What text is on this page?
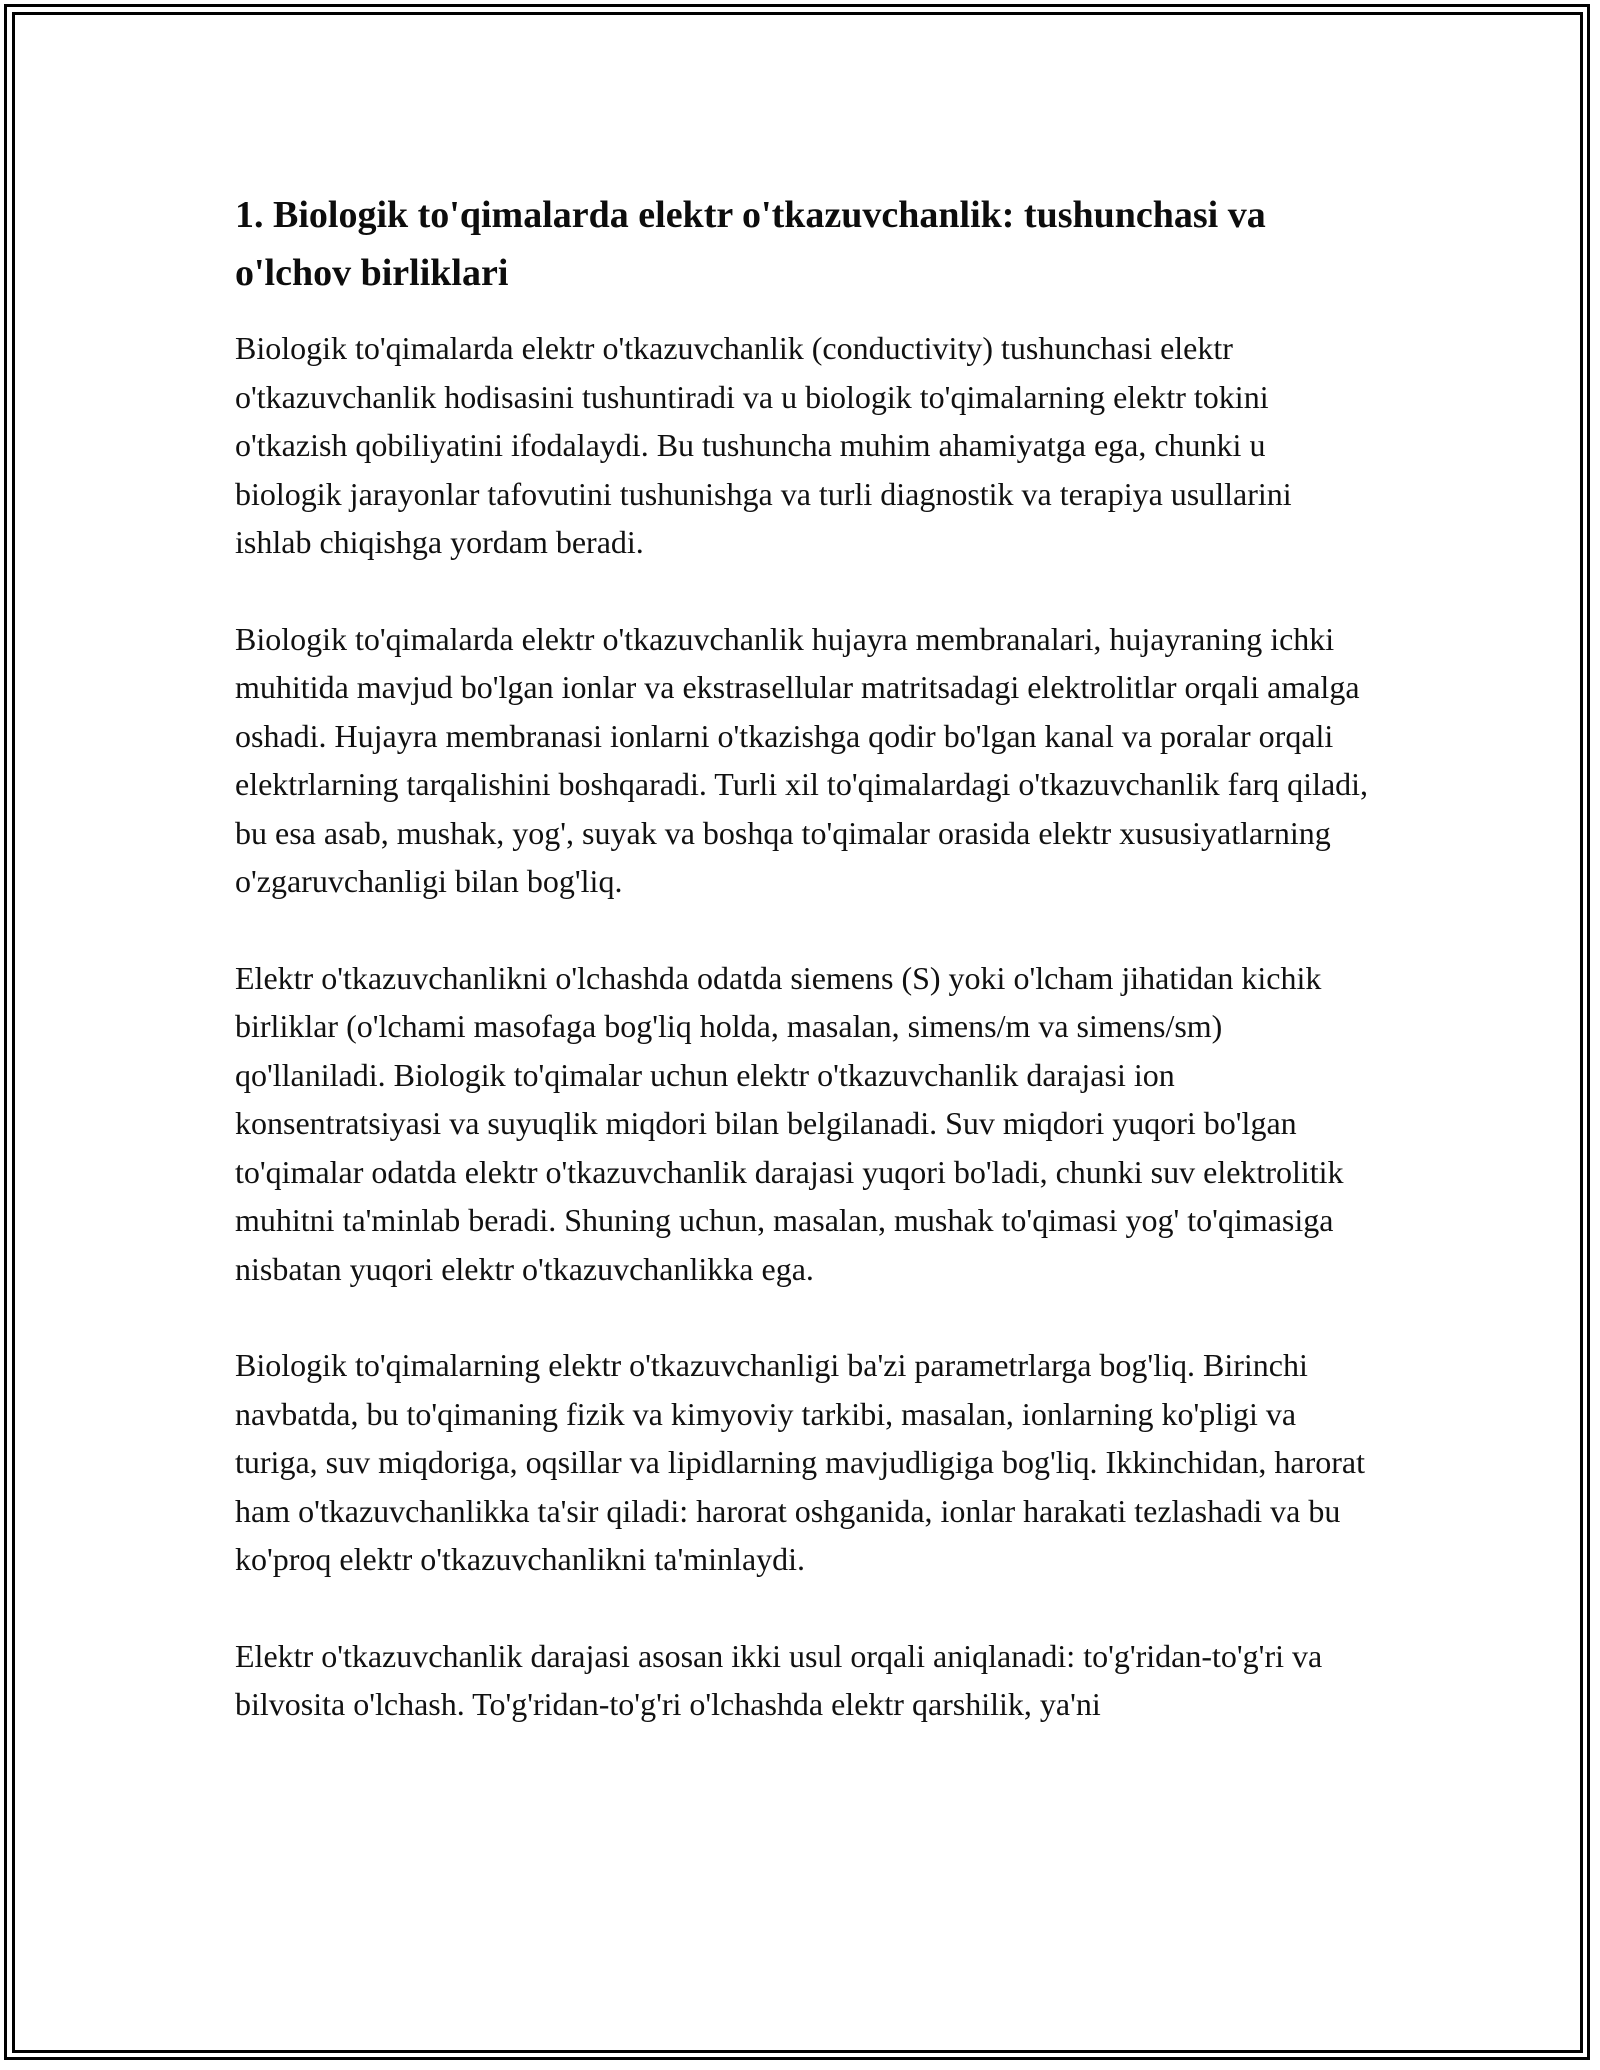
1. Biologik to'qimalarda elektr o'tkazuvchanlik: tushunchasi va o'lchov birliklari

Biologik to'qimalarda elektr o'tkazuvchanlik (conductivity) tushunchasi elektr o'tkazuvchanlik hodisasini tushuntiradi va u biologik to'qimalarning elektr tokini o'tkazish qobiliyatini ifodalaydi. Bu tushuncha muhim ahamiyatga ega, chunki u biologik jarayonlar tafovutini tushunishga va turli diagnostik va terapiya usullarini ishlab chiqishga yordam beradi.

Biologik to'qimalarda elektr o'tkazuvchanlik hujayra membranalari, hujayraning ichki muhitida mavjud bo'lgan ionlar va ekstrasellular matritsadagi elektrolitlar orqali amalga oshadi. Hujayra membranasi ionlarni o'tkazishga qodir bo'lgan kanal va poralar orqali elektrlarning tarqalishini boshqaradi. Turli xil to'qimalardagi o'tkazuvchanlik farq qiladi, bu esa asab, mushak, yog', suyak va boshqa to'qimalar orasida elektr xususiyatlarning o'zgaruvchanligi bilan bog'liq.

Elektr o'tkazuvchanlikni o'lchashda odatda siemens (S) yoki o'lcham jihatidan kichik birliklar (o'lchami masofaga bog'liq holda, masalan, simens/m va simens/sm) qo'llaniladi. Biologik to'qimalar uchun elektr o'tkazuvchanlik darajasi ion konsentratsiyasi va suyuqlik miqdori bilan belgilanadi. Suv miqdori yuqori bo'lgan to'qimalar odatda elektr o'tkazuvchanlik darajasi yuqori bo'ladi, chunki suv elektrolitik muhitni ta'minlab beradi. Shuning uchun, masalan, mushak to'qimasi yog' to'qimasiga nisbatan yuqori elektr o'tkazuvchanlikka ega.

Biologik to'qimalarning elektr o'tkazuvchanligi ba'zi parametrlarga bog'liq. Birinchi navbatda, bu to'qimaning fizik va kimyoviy tarkibi, masalan, ionlarning ko'pligi va turiga, suv miqdoriga, oqsillar va lipidlarning mavjudligiga bog'liq. Ikkinchidan, harorat ham o'tkazuvchanlikka ta'sir qiladi: harorat oshganida, ionlar harakati tezlashadi va bu ko'proq elektr o'tkazuvchanlikni ta'minlaydi.

Elektr o'tkazuvchanlik darajasi asosan ikki usul orqali aniqlanadi: to'g'ridan-to'g'ri va bilvosita o'lchash. To'g'ridan-to'g'ri o'lchashda elektr qarshilik, ya'ni
